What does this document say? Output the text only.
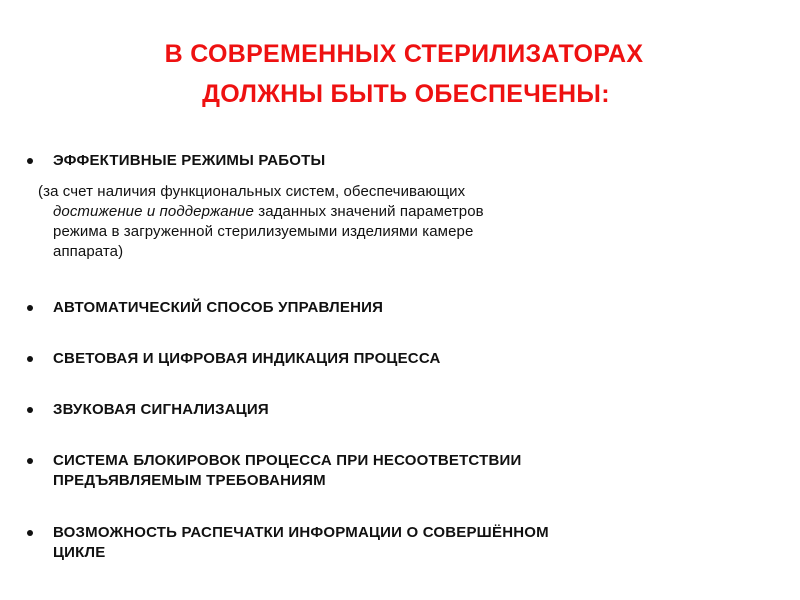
В СОВРЕМЕННЫХ СТЕРИЛИЗАТОРАХ
ДОЛЖНЫ БЫТЬ ОБЕСПЕЧЕНЫ:
ЭФФЕКТИВНЫЕ РЕЖИМЫ РАБОТЫ
(за счет наличия функциональных систем, обеспечивающих
достижение и поддержание заданных значений параметров
режима в загруженной стерилизуемыми изделиями камере
аппарата)
АВТОМАТИЧЕСКИЙ СПОСОБ УПРАВЛЕНИЯ
СВЕТОВАЯ И ЦИФРОВАЯ ИНДИКАЦИЯ ПРОЦЕССА
ЗВУКОВАЯ СИГНАЛИЗАЦИЯ
СИСТЕМА БЛОКИРОВОК ПРОЦЕССА ПРИ НЕСООТВЕТСТВИИ
ПРЕДЪЯВЛЯЕМЫМ ТРЕБОВАНИЯМ
ВОЗМОЖНОСТЬ РАСПЕЧАТКИ ИНФОРМАЦИИ О СОВЕРШЁННОМ
ЦИКЛЕ
